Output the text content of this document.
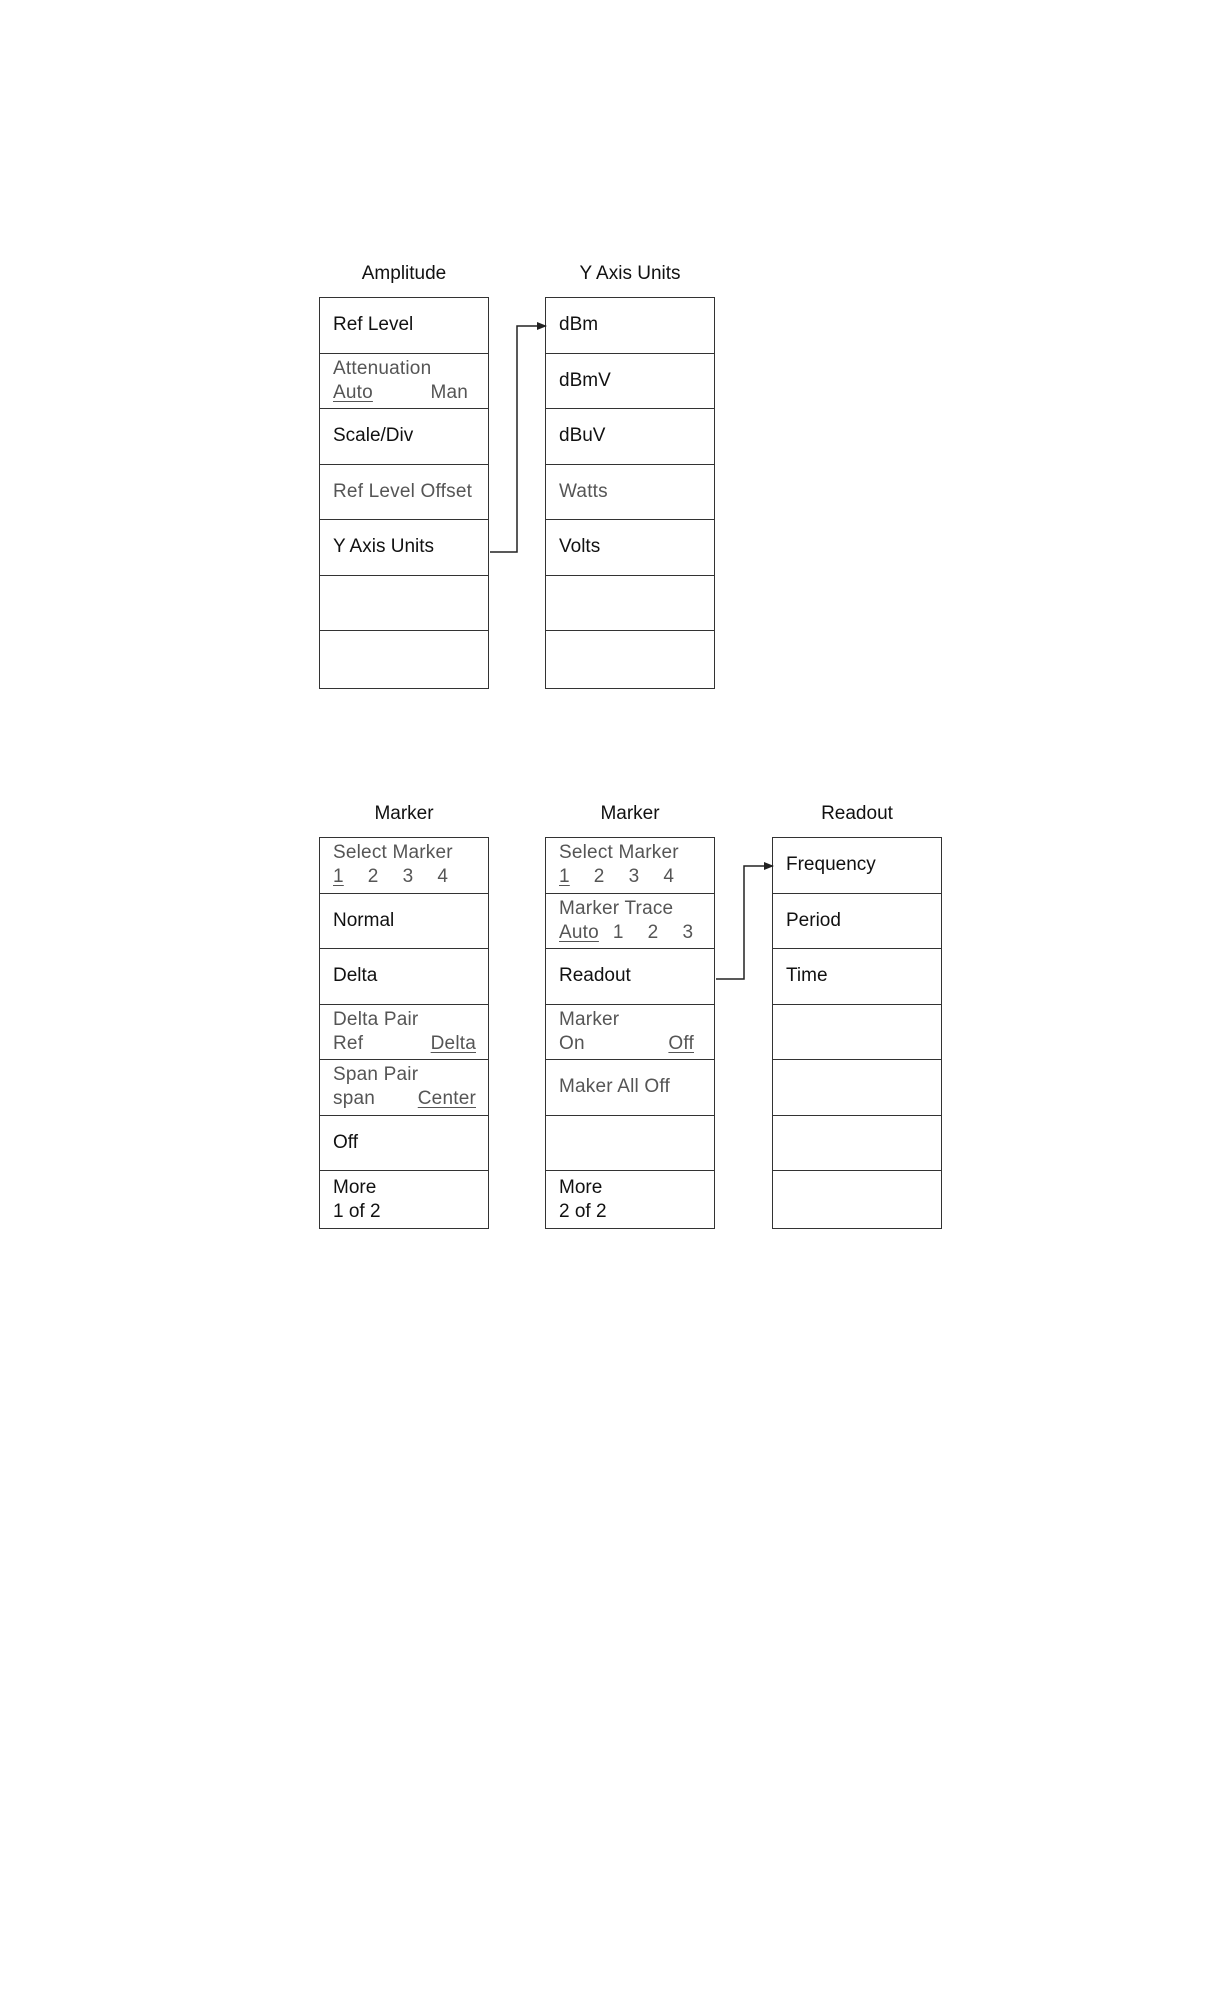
Amplitude
Ref Level
Attenuation
Auto	Man
Scale/Div
Ref Level Offset
Y Axis Units
Y Axis Units
dBm
dBmV
dBuV
Watts
Volts
Marker
Select Marker
1 2 3 4
Normal
Delta
Delta Pair
Ref	Delta
Span Pair
span Center
Off
More
1 of 2
Marker
Select Marker
1 2 3 4
Marker Trace
Auto 1 2 3
Readout
Marker
On	Off
Maker All Off
More
2 of 2
Readout
Frequency
Period
Time
